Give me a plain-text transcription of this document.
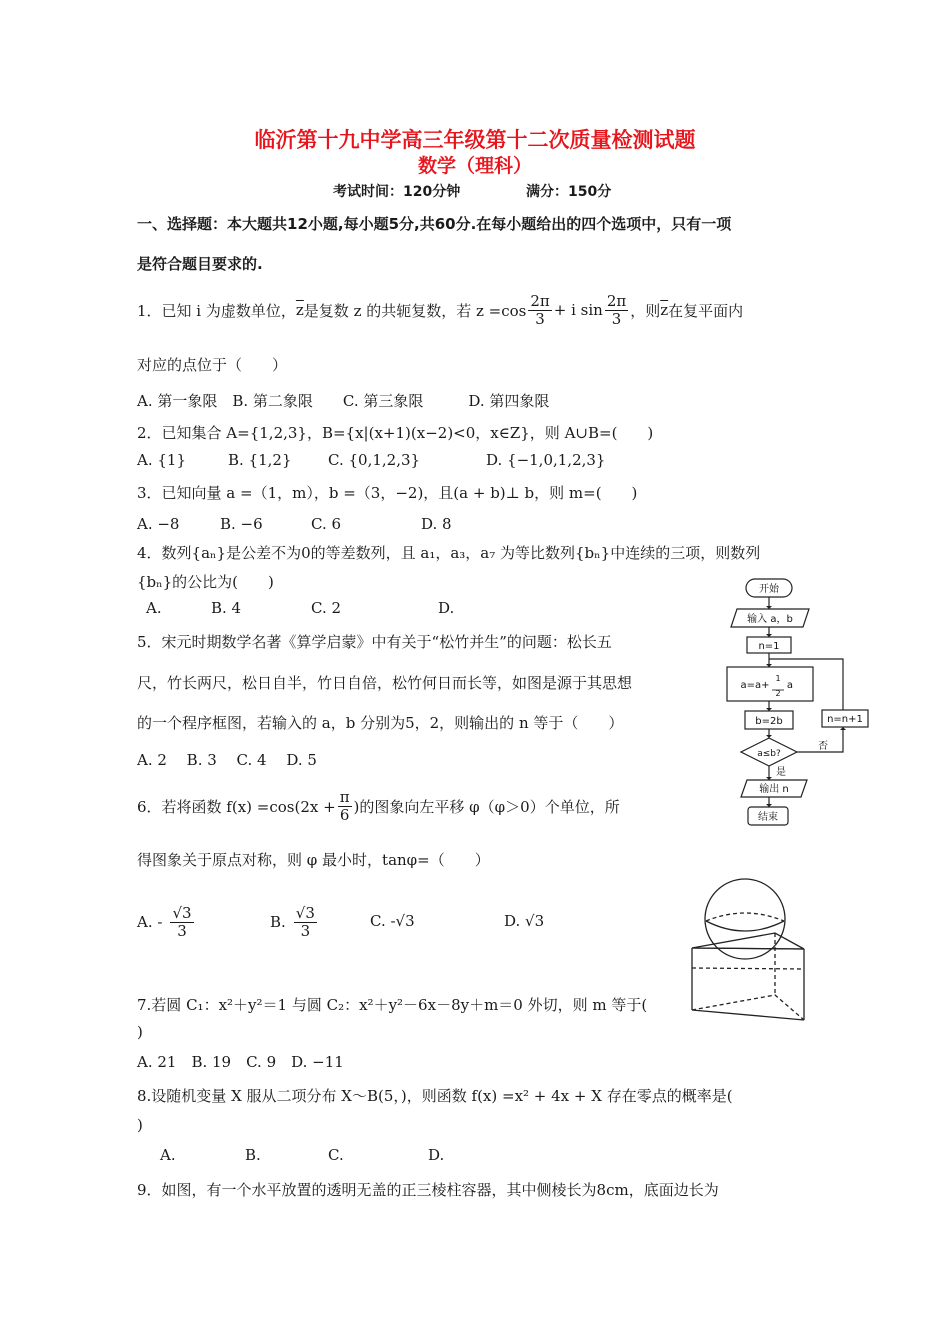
临沂第十九中学高三年级第十二次质量检测试题
数学（理科）
考试时间：120分钟	满分：150分
一、选择题：本大题共12小题,每小题5分,共60分.在每小题给出的四个选项中，只有一项
是符合题目要求的.
1．已知 i 为虚数单位， $\overline{z}$ 是复数 z 的共轭复数，若 $z =\cos \frac{2\pi}{3} + i$ $\sin \frac{2\pi}{3}$ ，则 $\overline{z}$ 在复平面内
对应的点位于（　　）
A. 第一象限　B. 第二象限　　C. 第三象限　　　D. 第四象限
2．已知集合 A={1,2,3}，B={x|(x+1)(x−2)<0，x∈Z}，则 A∪B=(　　)
A. {1}	B. {1,2} C. {0,1,2,3}	D. {−1,0,1,2,3}
3．已知向量 a =（1，m），b =（3，−2)，且(a + b)⊥ b，则 m=(　　)
A. −8	B. −6	C. 6	D. 8
4．数列{aₙ}是公差不为0的等差数列，且 a₁，a₃，a₇ 为等比数列{bₙ}中连续的三项，则数列
{bₙ}的公比为(　　)
A.	B. 4	C. 2	D.
5．宋元时期数学名著《算学启蒙》中有关于“松竹并生”的问题：松长五
尺，竹长两尺，松日自半，竹日自倍，松竹何日而长等，如图是源于其思想
的一个程序框图，若输入的 a，b 分别为5，2，则输出的 n 等于（　　）
A. 2　 B. 3　 C. 4　 D. 5
6．若将函数 $f(x) =\cos(2x + \frac{\pi}{6}$ )的图象向左平移 φ（φ＞0）个单位，所
得图象关于原点对称，则 φ 最小时，tanφ=（　　）
A. - $\frac{√3}{3}$	B. $\frac{√3}{3}$	C. -√3	D. √3
7.若圆 C₁：x²＋y²＝1 与圆 C₂：x²＋y²－6x－8y＋m＝0 外切，则 m 等于(
)
A. 21　B. 19　C. 9　D. −11
8.设随机变量 X 服从二项分布 X～B(5，)，则函数 f(x) =x² + 4x + X 存在零点的概率是(
)
A.	B.	C.	D.
9．如图，有一个水平放置的透明无盖的正三棱柱容器，其中侧棱长为8cm，底面边长为
开始
输入 a，b
n=1
a=a+
1
2
a
b=2b
a≤b?
否
是
输出 n
结束
n=n+1
